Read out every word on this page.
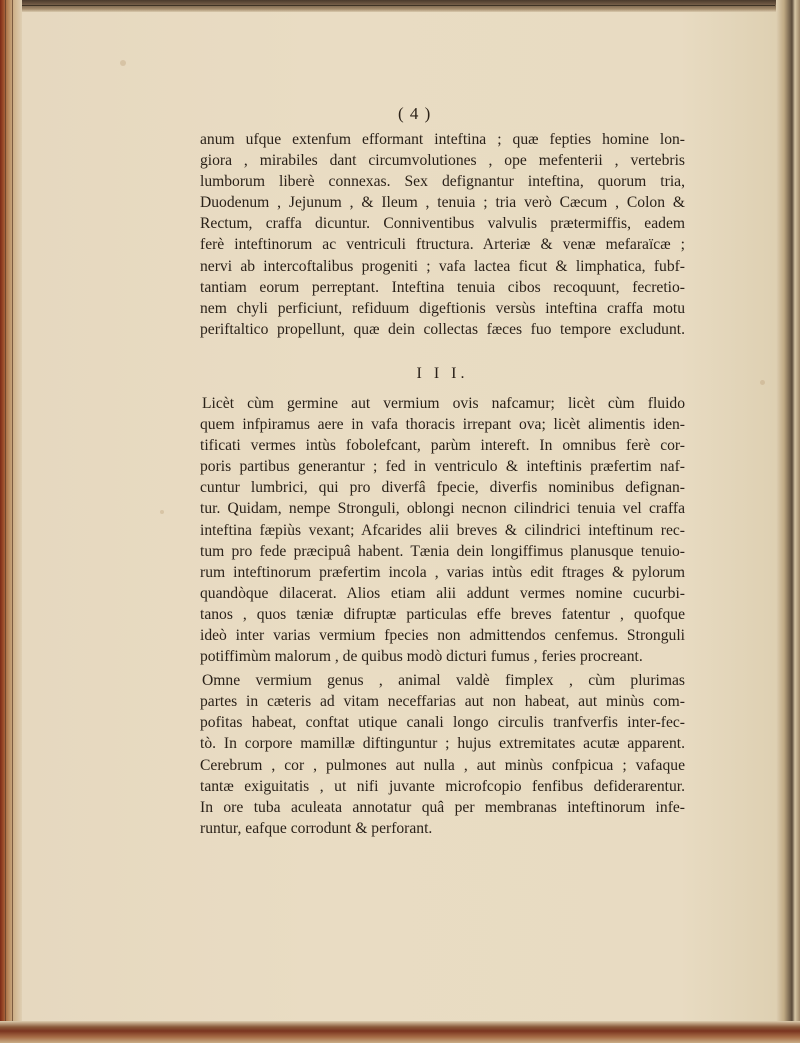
( 4 )
anum ufque extenfum efformant inteftina ; quæ fepties homine lon-
giora , mirabiles dant circumvolutiones , ope mefenterii , vertebris
lumborum liberè connexas. Sex defignantur inteftina, quorum tria,
Duodenum , Jejunum , & Ileum , tenuia ; tria verò Cæcum , Colon &
Rectum, craffa dicuntur. Conniventibus valvulis prætermiffis, eadem
ferè inteftinorum ac ventriculi ftructura. Arteriæ & venæ mefaraïcæ ;
nervi ab intercoftalibus progeniti ; vafa lactea ficut & limphatica, fubf-
tantiam eorum perreptant. Inteftina tenuia cibos recoquunt, fecretio-
nem chyli perficiunt, refiduum digeftionis versùs inteftina craffa motu
periftaltico propellunt, quæ dein collectas fæces fuo tempore excludunt.
I I I.
Licèt cùm germine aut vermium ovis nafcamur; licèt cùm fluido
quem infpiramus aere in vafa thoracis irrepant ova; licèt alimentis iden-
tificati vermes intùs fobolefcant, parùm intereft. In omnibus ferè cor-
poris partibus generantur ; fed in ventriculo & inteftinis præfertim naf-
cuntur lumbrici, qui pro diverfâ fpecie, diverfis nominibus defignan-
tur. Quidam, nempe Stronguli, oblongi necnon cilindrici tenuia vel craffa
inteftina fæpiùs vexant; Afcarides alii breves & cilindrici inteftinum rec-
tum pro fede præcipuâ habent. Tænia dein longiffimus planusque tenuio-
rum inteftinorum præfertim incola , varias intùs edit ftrages & pylorum
quandòque dilacerat. Alios etiam alii addunt vermes nomine cucurbi-
tanos , quos tæniæ difruptæ particulas effe breves fatentur , quofque
ideò inter varias vermium fpecies non admittendos cenfemus. Stronguli
potiffimùm malorum , de quibus modò dicturi fumus , feries procreant.
Omne vermium genus , animal valdè fimplex , cùm plurimas
partes in cæteris ad vitam neceffarias aut non habeat, aut minùs com-
pofitas habeat, conftat utique canali longo circulis tranfverfis inter-fec-
tò. In corpore mamillæ diftinguntur ; hujus extremitates acutæ apparent.
Cerebrum , cor , pulmones aut nulla , aut minùs confpicua ; vafaque
tantæ exiguitatis , ut nifi juvante microfcopio fenfibus defiderarentur.
In ore tuba aculeata annotatur quâ per membranas inteftinorum infe-
runtur, eafque corrodunt & perforant.
